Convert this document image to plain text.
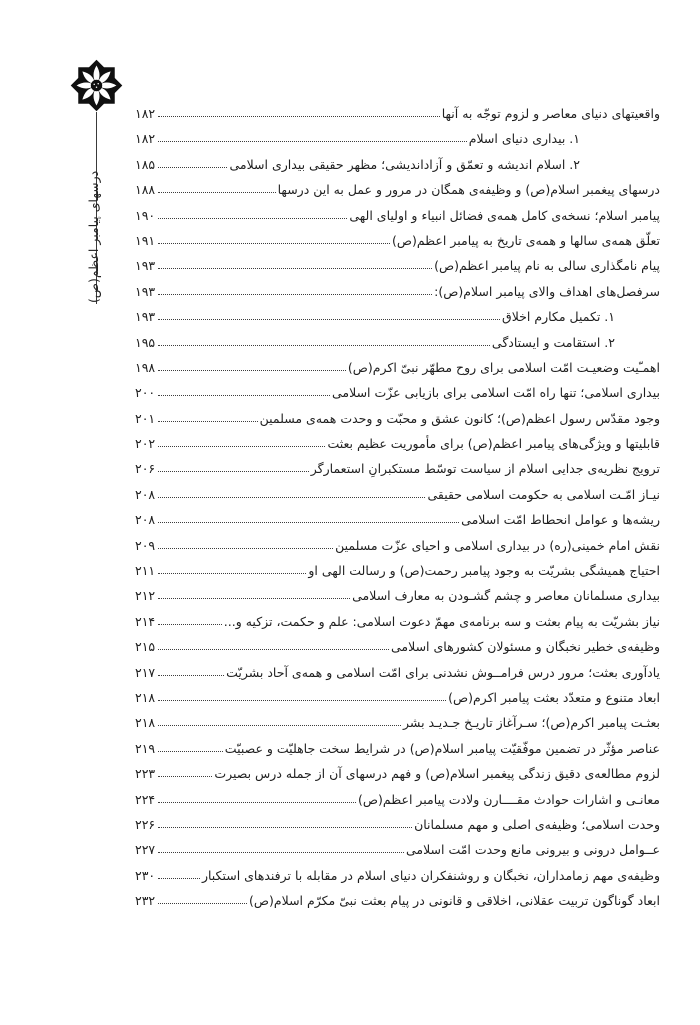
درسهای پیامبر اعظم(ص)
واقعیتهای دنیای معاصر و لزوم توجّه به آنها
۱۸۲
۱. بیداری دنیای اسلام
۱۸۲
۲. اسلام اندیشه و تعمّق و آزاداندیشی؛ مظهر حقیقی بیداری اسلامی
۱۸۵
درسهای پیغمبر اسلام(ص) و وظیفه‌ی همگان در مرور و عمل به این درسها
۱۸۸
پیامبر اسلام؛ نسخه‌ی کامل همه‌ی فضائل انبیاء و اولیای الهی
۱۹۰
تعلّق همه‌ی سالها و همه‌ی تاریخ به پیامبر اعظم(ص)
۱۹۱
پیام نامگذاری سالی به نام پیامبر اعظم(ص)
۱۹۳
سرفصل‌های اهداف والای پیامبر اسلام(ص):
۱۹۳
۱. تکمیل مکارم اخلاق
۱۹۳
۲. استقامت و ایستادگی
۱۹۵
اهمـّیت وضعیـت امّت اسلامی برای روح مطهّر نبیّ اکرم(ص)
۱۹۸
بیداری اسلامی؛ تنها راه امّت اسلامی برای بازیابی عزّت اسلامی
۲۰۰
وجود مقدّس رسول اعظم(ص)؛ کانون عشق و محبّت و وحدت همه‌ی مسلمین
۲۰۱
قابلیتها و ویژگی‌های پیامبر اعظم(ص) برای مأموریت عظیم بعثت
۲۰۲
ترویج نظریه‌ی جدایی اسلام از سیاست توسّط مستکبرانِ استعمارگر
۲۰۶
نیـاز امّـت اسلامی به حکومت اسلامی حقیقی
۲۰۸
ریشه‌ها و عوامل انحطاط امّت اسلامی
۲۰۸
نقش امام خمینی(ره) در بیداری اسلامی و احیای عزّت مسلمین
۲۰۹
احتیاج همیشگی بشریّت به وجود پیامبر رحمت(ص) و رسالت الهی او
۲۱۱
بیداری مسلمانان معاصر و چشم گشـودن به معارف اسلامی
۲۱۲
نیاز بشریّت به پیام بعثت و سه برنامه‌ی مهمّ دعوت اسلامی: علم و حکمت، تزکیه و...
۲۱۴
وظیفه‌ی خطیر نخبگان و مسئولان کشورهای اسلامی
۲۱۵
یادآوری بعثت؛ مرور درس فرامــوش نشدنی برای امّت اسلامی و همه‌ی آحاد بشریّت
۲۱۷
ابعاد متنوع و متعدّد بعثت پیامبر اکرم(ص)
۲۱۸
بعثـت پیامبر اکرم(ص)؛ سـرآغاز تاریـخ جـدیـد بشر
۲۱۸
عناصر مؤثّر در تضمین موفّقیّت پیامبر اسلام(ص) در شرایط سخت جاهلیّت و عصبیّت
۲۱۹
لزوم مطالعه‌ی دقیق زندگی پیغمبر اسلام(ص) و فهم درسهای آن از جمله درس بصیرت
۲۲۳
معانـی و اشارات حوادث مقــــارن ولادت پیامبر اعظم(ص)
۲۲۴
وحدت اسلامی؛ وظیفه‌ی اصلی و مهم مسلمانان
۲۲۶
عــوامل درونی و بیرونی مانع وحدت امّت اسلامی
۲۲۷
وظیفه‌ی مهم زمامداران، نخبگان و روشنفکران دنیای اسلام در مقابله با ترفندهای استکبار
۲۳۰
ابعاد گوناگون تربیت عقلانی، اخلاقی و قانونی در پیام بعثت نبیّ مکرّم اسلام(ص)
۲۳۲
